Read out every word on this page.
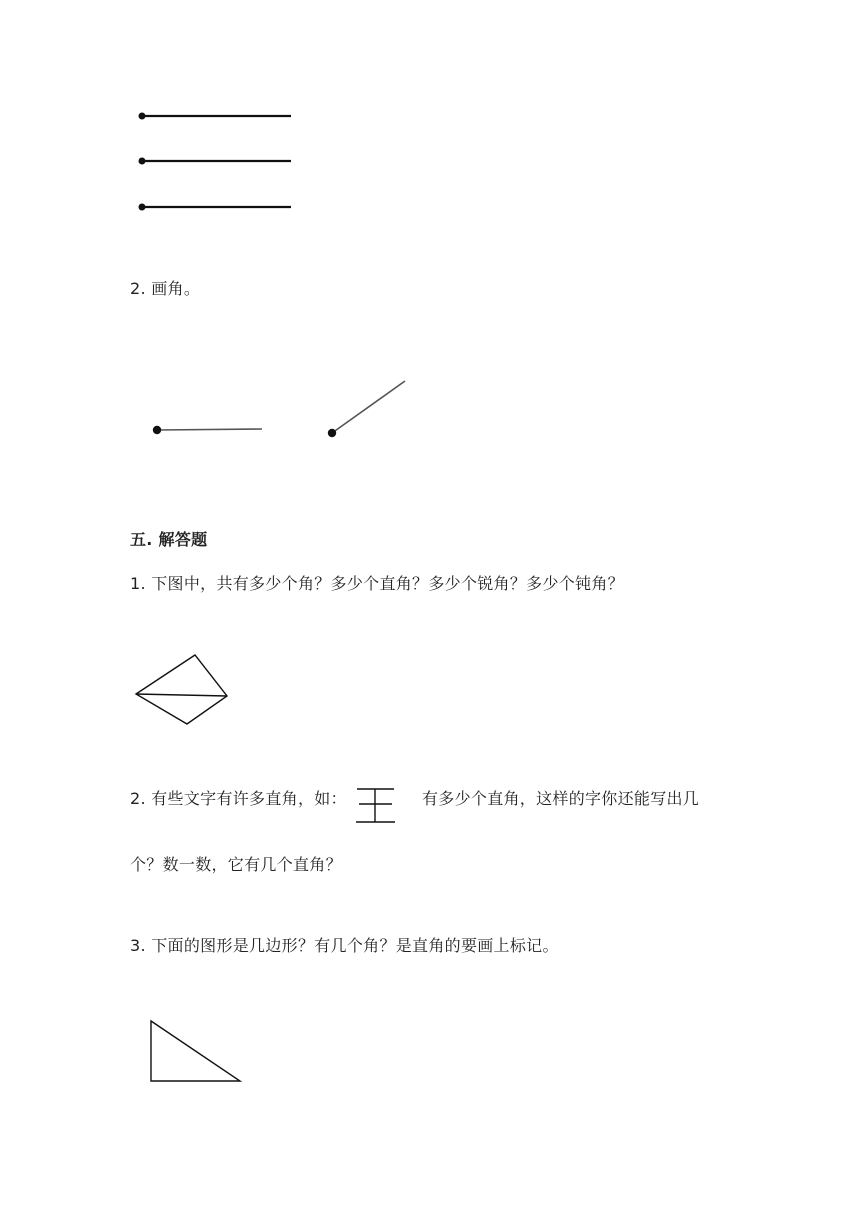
2. 画角。
五. 解答题
1. 下图中，共有多少个角？多少个直角？多少个锐角？多少个钝角？
2. 有些文字有许多直角，如：	有多少个直角，这样的字你还能写出几
个？数一数，它有几个直角？
3. 下面的图形是几边形？有几个角？是直角的要画上标记。
